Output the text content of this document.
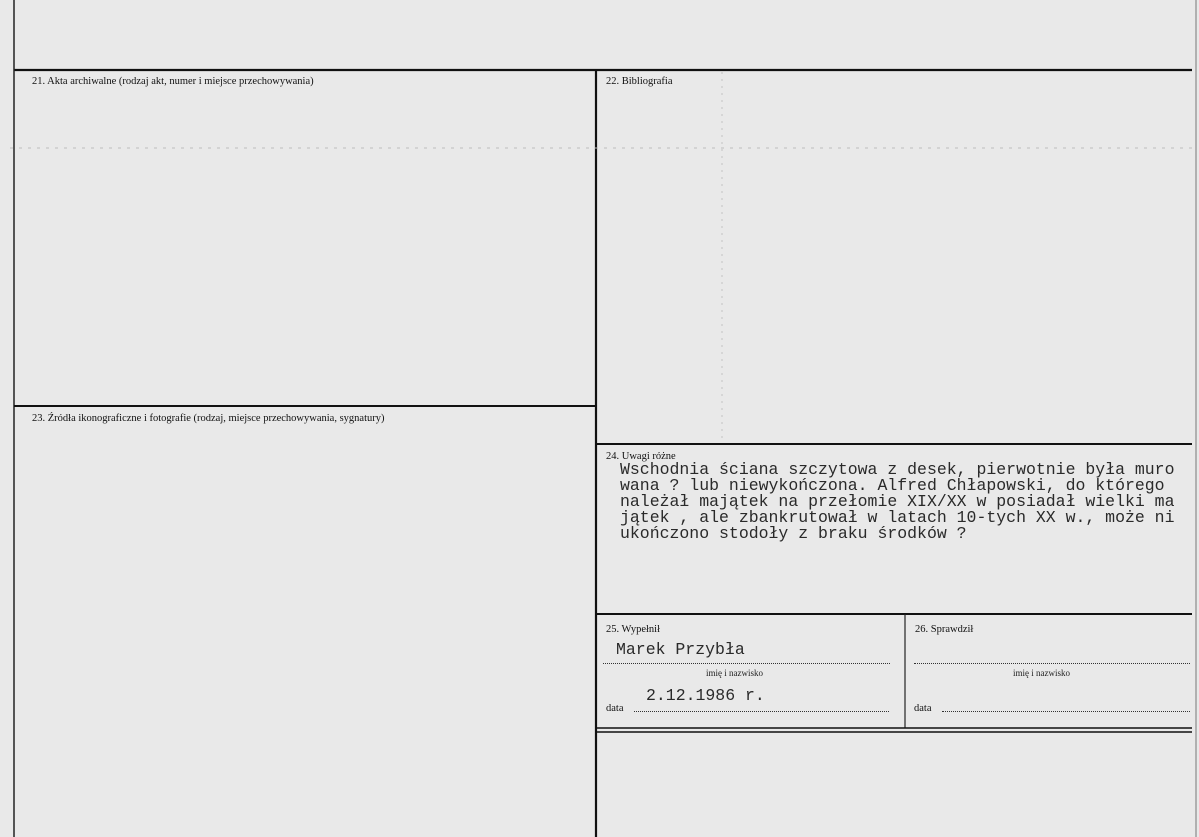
21. Akta archiwalne (rodzaj akt, numer i miejsce przechowywania)	22. Bibliografia
23. Źródła ikonograficzne i fotografie (rodzaj, miejsce przechowywania, sygnatury)
24. Uwagi różne
Wschodnia ściana szczytowa z desek, pierwotnie była muro
wana ? lub niewykończona. Alfred Chłapowski, do którego
należał majątek na przełomie XIX/XX w posiadał wielki ma
jątek , ale zbankrutował w latach 10-tych XX w., może ni
ukończono stodoły z braku środków ?
25. Wypełnił
Marek Przybła
imię i nazwisko
2.12.1986 r.
data
26. Sprawdził
imię i nazwisko
data
